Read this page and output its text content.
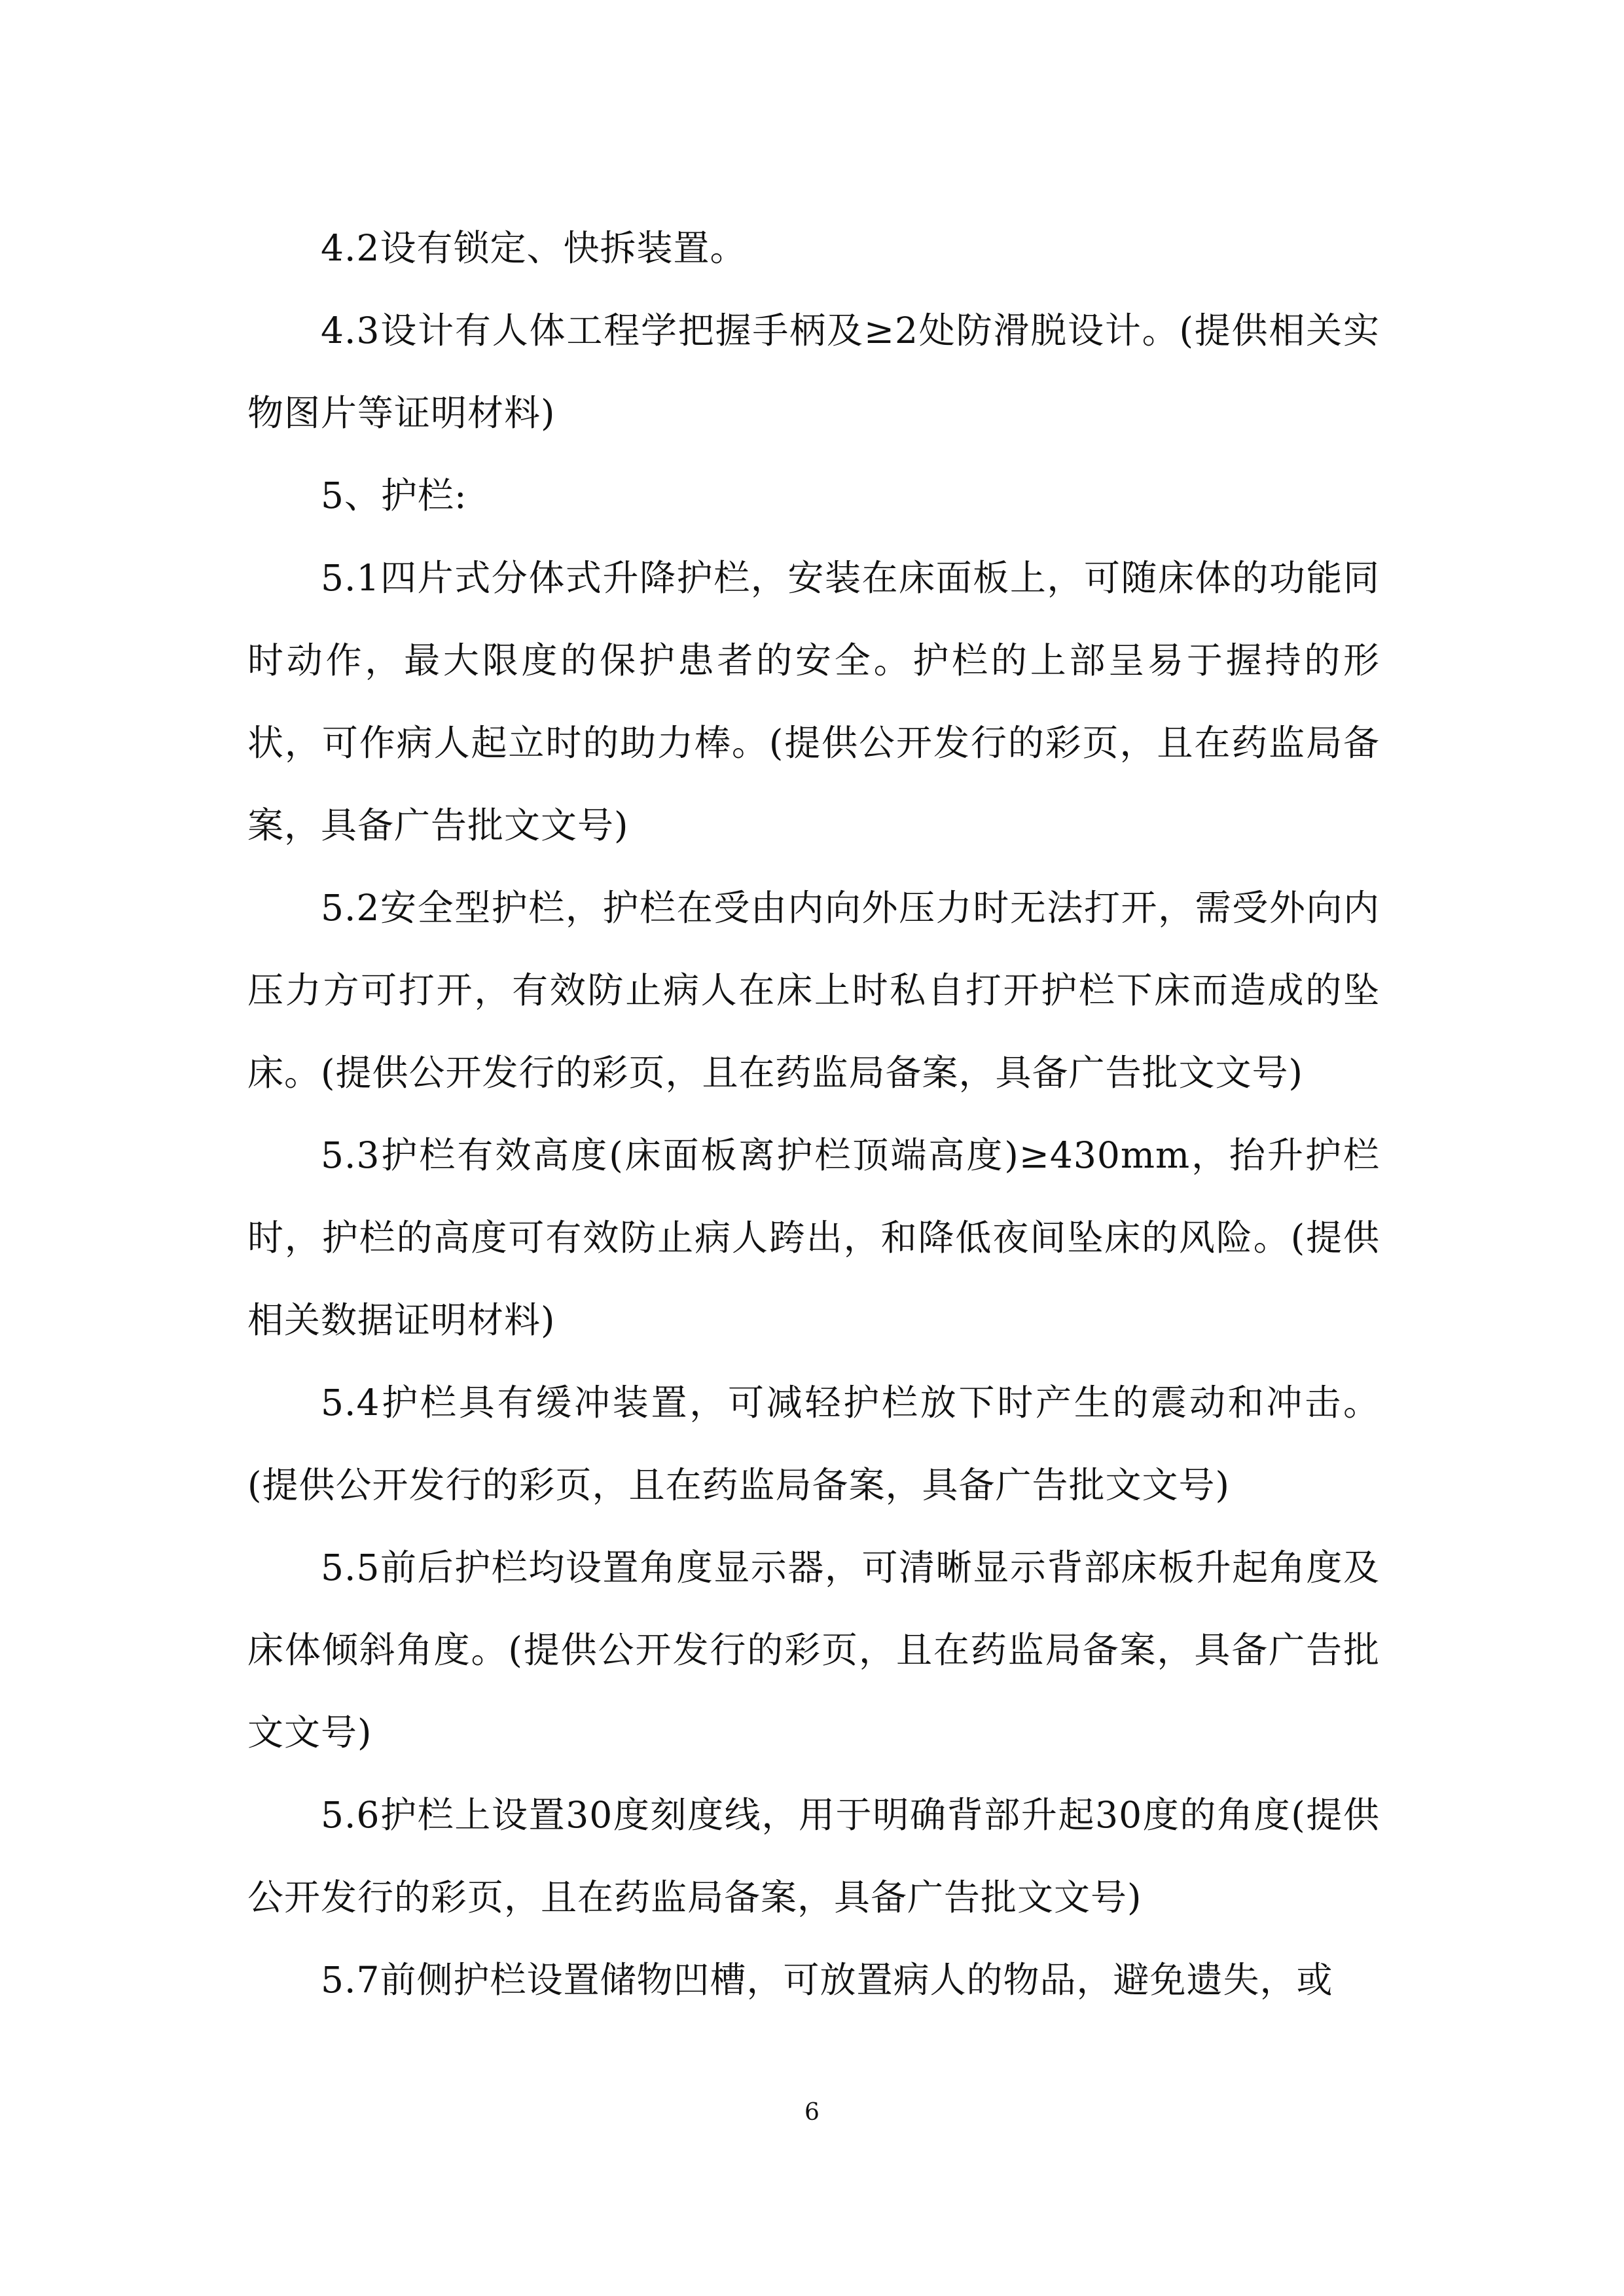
4.2设有锁定、快拆装置。

4.3设计有人体工程学把握手柄及≥2处防滑脱设计。(提供相关实物图片等证明材料)

5、护栏:

5.1四片式分体式升降护栏，安装在床面板上，可随床体的功能同时动作，最大限度的保护患者的安全。护栏的上部呈易于握持的形状，可作病人起立时的助力棒。(提供公开发行的彩页，且在药监局备案，具备广告批文文号)

5.2安全型护栏，护栏在受由内向外压力时无法打开，需受外向内压力方可打开，有效防止病人在床上时私自打开护栏下床而造成的坠床。(提供公开发行的彩页，且在药监局备案，具备广告批文文号)

5.3护栏有效高度(床面板离护栏顶端高度)≥430mm，抬升护栏时，护栏的高度可有效防止病人跨出，和降低夜间坠床的风险。(提供相关数据证明材料)

5.4护栏具有缓冲装置，可减轻护栏放下时产生的震动和冲击。(提供公开发行的彩页，且在药监局备案，具备广告批文文号)

5.5前后护栏均设置角度显示器，可清晰显示背部床板升起角度及床体倾斜角度。(提供公开发行的彩页，且在药监局备案，具备广告批文文号)

5.6护栏上设置30度刻度线，用于明确背部升起30度的角度(提供公开发行的彩页，且在药监局备案，具备广告批文文号)

5.7前侧护栏设置储物凹槽，可放置病人的物品，避免遗失，或

6
